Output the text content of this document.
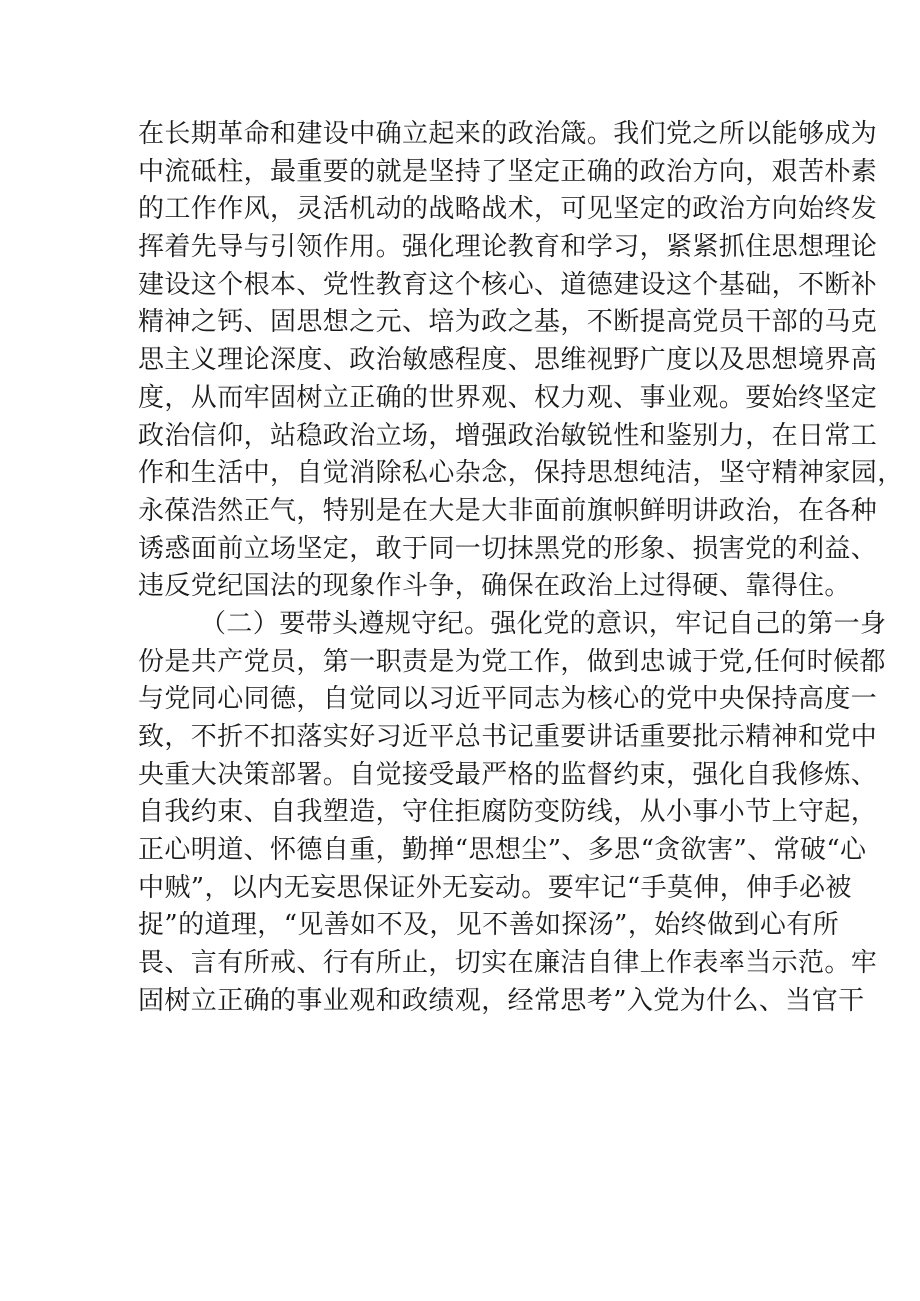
在长期革命和建设中确立起来的政治箴。我们党之所以能够成为
中流砥柱，最重要的就是坚持了坚定正确的政治方向，艰苦朴素
的工作作风，灵活机动的战略战术，可见坚定的政治方向始终发
挥着先导与引领作用。强化理论教育和学习，紧紧抓住思想理论
建设这个根本、党性教育这个核心、道德建设这个基础，不断补
精神之钙、固思想之元、培为政之基，不断提高党员干部的马克
思主义理论深度、政治敏感程度、思维视野广度以及思想境界高
度，从而牢固树立正确的世界观、权力观、事业观。要始终坚定
政治信仰，站稳政治立场，增强政治敏锐性和鉴别力，在日常工
作和生活中，自觉消除私心杂念，保持思想纯洁，坚守精神家园，
永葆浩然正气，特别是在大是大非面前旗帜鲜明讲政治，在各种
诱惑面前立场坚定，敢于同一切抹黑党的形象、损害党的利益、
违反党纪国法的现象作斗争，确保在政治上过得硬、靠得住。
（二）要带头遵规守纪。强化党的意识，牢记自己的第一身
份是共产党员，第一职责是为党工作，做到忠诚于党,任何时候都
与党同心同德，自觉同以习近平同志为核心的党中央保持高度一
致，不折不扣落实好习近平总书记重要讲话重要批示精神和党中
央重大决策部署。自觉接受最严格的监督约束，强化自我修炼、
自我约束、自我塑造，守住拒腐防变防线，从小事小节上守起，
正心明道、怀德自重，勤掸“思想尘”、多思“贪欲害”、常破“心
中贼”，以内无妄思保证外无妄动。要牢记“手莫伸，伸手必被
捉”的道理，“见善如不及，见不善如探汤”，始终做到心有所
畏、言有所戒、行有所止，切实在廉洁自律上作表率当示范。牢
固树立正确的事业观和政绩观，经常思考”入党为什么、当官干
